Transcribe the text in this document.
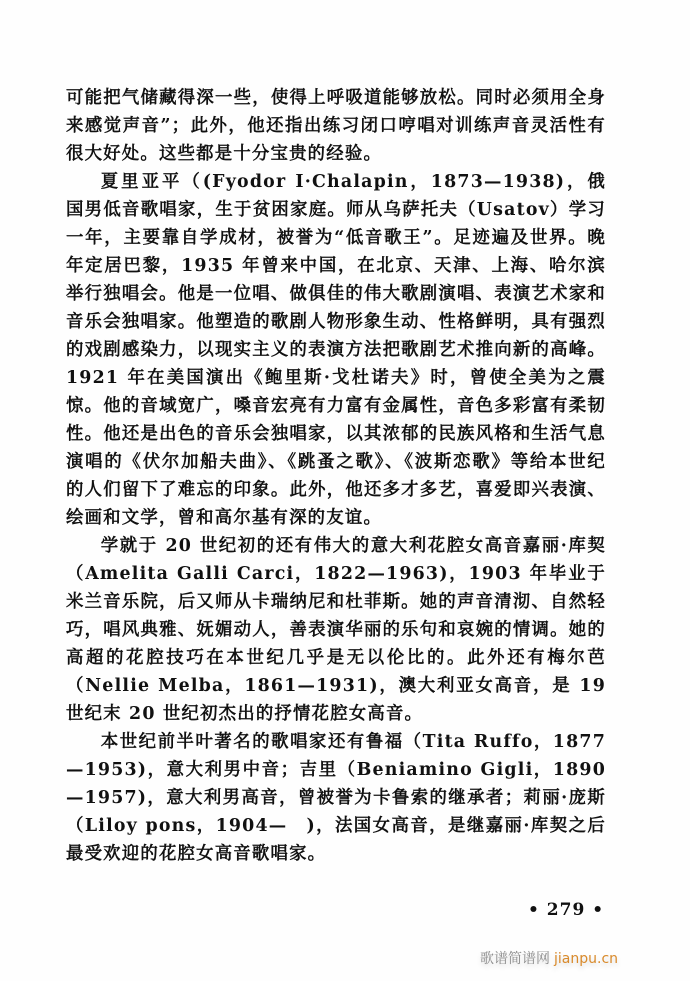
可能把气储藏得深一些，使得上呼吸道能够放松。同时必须用全身来感觉声音”；此外，他还指出练习闭口哼唱对训练声音灵活性有很大好处。这些都是十分宝贵的经验。

夏里亚平（(Fyodor I·Chalapin，1873—1938)，俄国男低音歌唱家，生于贫困家庭。师从乌萨托夫（Usatov）学习一年，主要靠自学成材，被誉为“低音歌王”。足迹遍及世界。晚年定居巴黎，1935 年曾来中国，在北京、天津、上海、哈尔滨举行独唱会。他是一位唱、做俱佳的伟大歌剧演唱、表演艺术家和音乐会独唱家。他塑造的歌剧人物形象生动、性格鲜明，具有强烈的戏剧感染力，以现实主义的表演方法把歌剧艺术推向新的高峰。1921 年在美国演出《鲍里斯·戈杜诺夫》时，曾使全美为之震惊。他的音域宽广，嗓音宏亮有力富有金属性，音色多彩富有柔韧性。他还是出色的音乐会独唱家，以其浓郁的民族风格和生活气息演唱的《伏尔加船夫曲》、《跳蚤之歌》、《波斯恋歌》等给本世纪的人们留下了难忘的印象。此外，他还多才多艺，喜爱即兴表演、绘画和文学，曾和高尔基有深的友谊。

学就于 20 世纪初的还有伟大的意大利花腔女高音嘉丽·库契（Amelita Galli Carci，1822—1963)，1903 年毕业于米兰音乐院，后又师从卡瑞纳尼和杜菲斯。她的声音清沏、自然轻巧，唱风典雅、妩媚动人，善表演华丽的乐句和哀婉的情调。她的高超的花腔技巧在本世纪几乎是无以伦比的。此外还有梅尔芭（Nellie Melba，1861—1931)，澳大利亚女高音，是 19 世纪末 20 世纪初杰出的抒情花腔女高音。

本世纪前半叶著名的歌唱家还有鲁福（Tita Ruffo，1877—1953)，意大利男中音；吉里（Beniamino Gigli，1890—1957)，意大利男高音，曾被誉为卡鲁索的继承者；莉丽·庞斯（Liloy pons，1904—　)，法国女高音，是继嘉丽·库契之后最受欢迎的花腔女高音歌唱家。

• 279 •
歌谱简谱网 jianpu.cn
